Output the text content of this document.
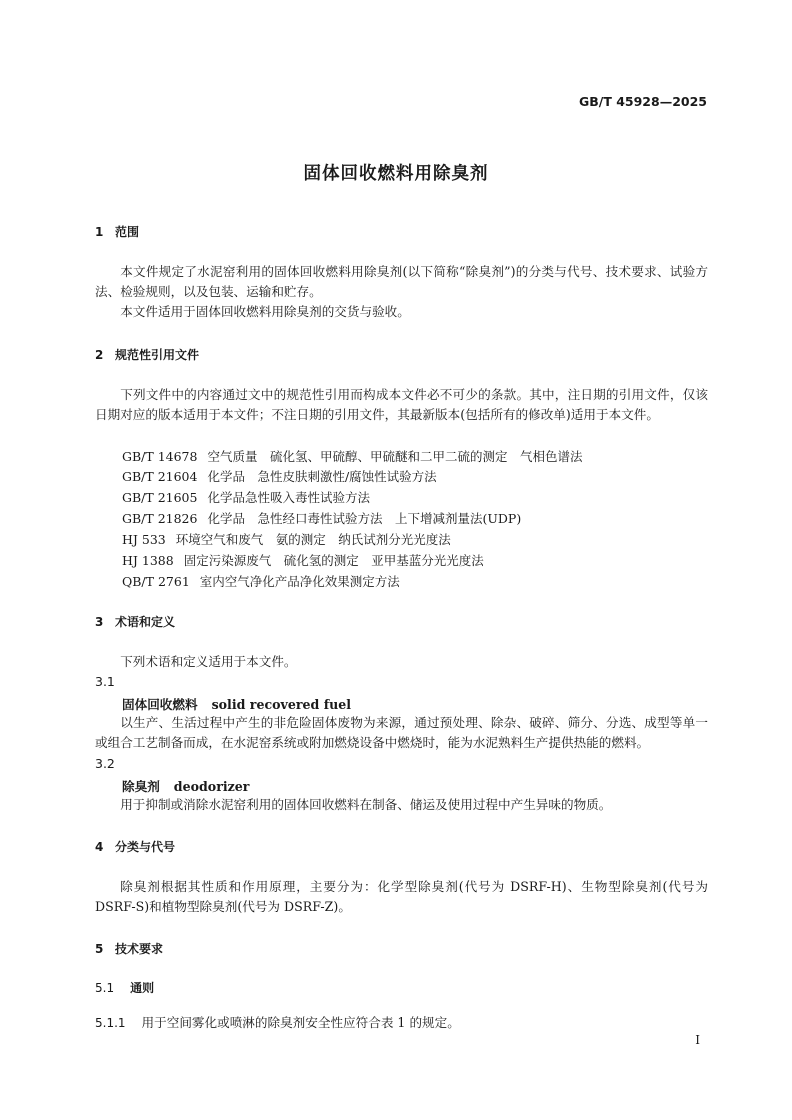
GB/T 45928—2025
固体回收燃料用除臭剂
1 范围
本文件规定了水泥窑利用的固体回收燃料用除臭剂(以下简称“除臭剂”)的分类与代号、技术要求、试验方法、检验规则，以及包装、运输和贮存。
本文件适用于固体回收燃料用除臭剂的交货与验收。
2 规范性引用文件
下列文件中的内容通过文中的规范性引用而构成本文件必不可少的条款。其中，注日期的引用文件，仅该日期对应的版本适用于本文件；不注日期的引用文件，其最新版本(包括所有的修改单)适用于本文件。
GB/T 14678 空气质量　硫化氢、甲硫醇、甲硫醚和二甲二硫的测定　气相色谱法
GB/T 21604 化学品　急性皮肤刺激性/腐蚀性试验方法
GB/T 21605 化学品急性吸入毒性试验方法
GB/T 21826 化学品　急性经口毒性试验方法　上下增减剂量法(UDP)
HJ 533 环境空气和废气　氨的测定　纳氏试剂分光光度法
HJ 1388 固定污染源废气　硫化氢的测定　亚甲基蓝分光光度法
QB/T 2761 室内空气净化产品净化效果测定方法
3 术语和定义
下列术语和定义适用于本文件。
3.1
固体回收燃料 solid recovered fuel
以生产、生活过程中产生的非危险固体废物为来源，通过预处理、除杂、破碎、筛分、分选、成型等单一或组合工艺制备而成，在水泥窑系统或附加燃烧设备中燃烧时，能为水泥熟料生产提供热能的燃料。
3.2
除臭剂 deodorizer
用于抑制或消除水泥窑利用的固体回收燃料在制备、储运及使用过程中产生异味的物质。
4 分类与代号
除臭剂根据其性质和作用原理，主要分为：化学型除臭剂(代号为 DSRF-H)、生物型除臭剂(代号为 DSRF-S)和植物型除臭剂(代号为 DSRF-Z)。
5 技术要求
5.1 通则
5.1.1 用于空间雾化或喷淋的除臭剂安全性应符合表 1 的规定。
I
